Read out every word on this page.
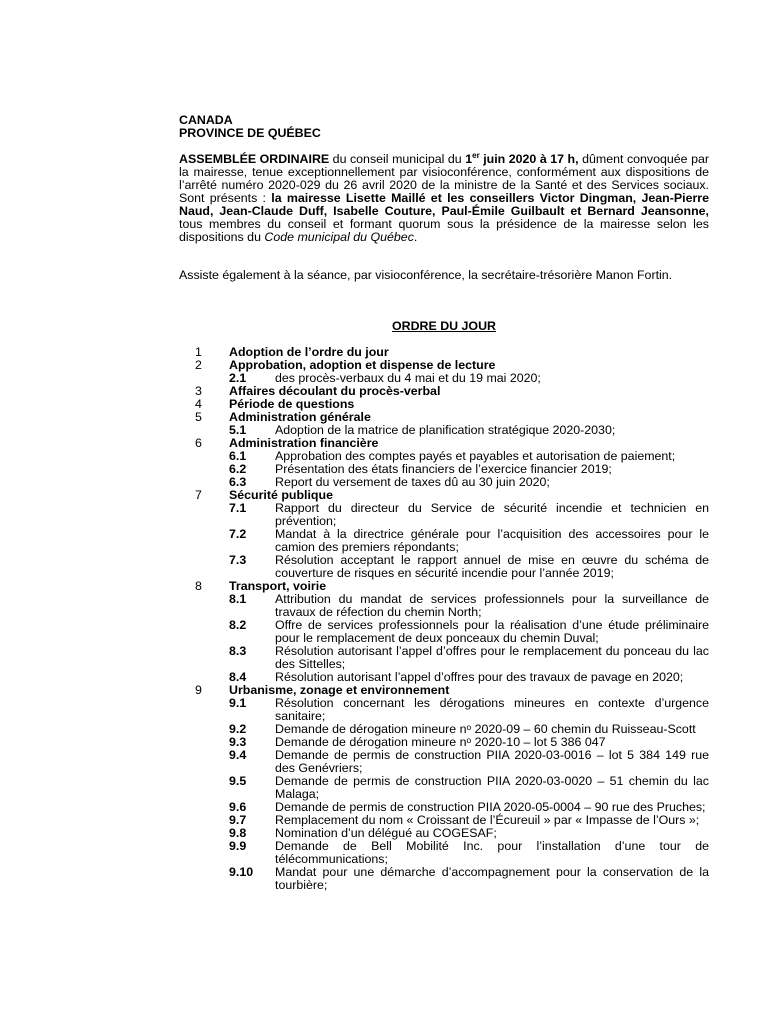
CANADA
PROVINCE DE QUÉBEC

ASSEMBLÉE ORDINAIRE du conseil municipal du 1er juin 2020 à 17 h, dûment convoquée par la mairesse, tenue exceptionnellement par visioconférence, conformément aux dispositions de l’arrêté numéro 2020-029 du 26 avril 2020 de la ministre de la Santé et des Services sociaux. Sont présents : la mairesse Lisette Maillé et les conseillers Victor Dingman, Jean-Pierre Naud, Jean-Claude Duff, Isabelle Couture, Paul-Émile Guilbault et Bernard Jeansonne, tous membres du conseil et formant quorum sous la présidence de la mairesse selon les dispositions du Code municipal du Québec.

Assiste également à la séance, par visioconférence, la secrétaire-trésorière Manon Fortin.

ORDRE DU JOUR
1 Adoption de l’ordre du jour
2 Approbation, adoption et dispense de lecture
2.1 des procès-verbaux du 4 mai et du 19 mai 2020;
3 Affaires découlant du procès-verbal
4 Période de questions
5 Administration générale
5.1 Adoption de la matrice de planification stratégique 2020-2030;
6 Administration financière
6.1 Approbation des comptes payés et payables et autorisation de paiement;
6.2 Présentation des états financiers de l’exercice financier 2019;
6.3 Report du versement de taxes dû au 30 juin 2020;
7 Sécurité publique
7.1 Rapport du directeur du Service de sécurité incendie et technicien en prévention;
7.2 Mandat à la directrice générale pour l’acquisition des accessoires pour le camion des premiers répondants;
7.3 Résolution acceptant le rapport annuel de mise en œuvre du schéma de couverture de risques en sécurité incendie pour l’année 2019;
8 Transport, voirie
8.1 Attribution du mandat de services professionnels pour la surveillance de travaux de réfection du chemin North;
8.2 Offre de services professionnels pour la réalisation d’une étude préliminaire pour le remplacement de deux ponceaux du chemin Duval;
8.3 Résolution autorisant l’appel d’offres pour le remplacement du ponceau du lac des Sittelles;
8.4 Résolution autorisant l’appel d’offres pour des travaux de pavage en 2020;
9 Urbanisme, zonage et environnement
9.1 Résolution concernant les dérogations mineures en contexte d’urgence sanitaire;
9.2 Demande de dérogation mineure nᵒ 2020-09 – 60 chemin du Ruisseau-Scott
9.3 Demande de dérogation mineure nᵒ 2020-10 – lot 5 386 047
9.4 Demande de permis de construction PIIA 2020-03-0016 – lot 5 384 149 rue des Genévriers;
9.5 Demande de permis de construction PIIA 2020-03-0020 – 51 chemin du lac Malaga;
9.6 Demande de permis de construction PIIA 2020-05-0004 – 90 rue des Pruches;
9.7 Remplacement du nom « Croissant de l’Écureuil » par « Impasse de l’Ours »;
9.8 Nomination d’un délégué au COGESAF;
9.9 Demande de Bell Mobilité Inc. pour l’installation d’une tour de télécommunications;
9.10 Mandat pour une démarche d’accompagnement pour la conservation de la tourbière;
